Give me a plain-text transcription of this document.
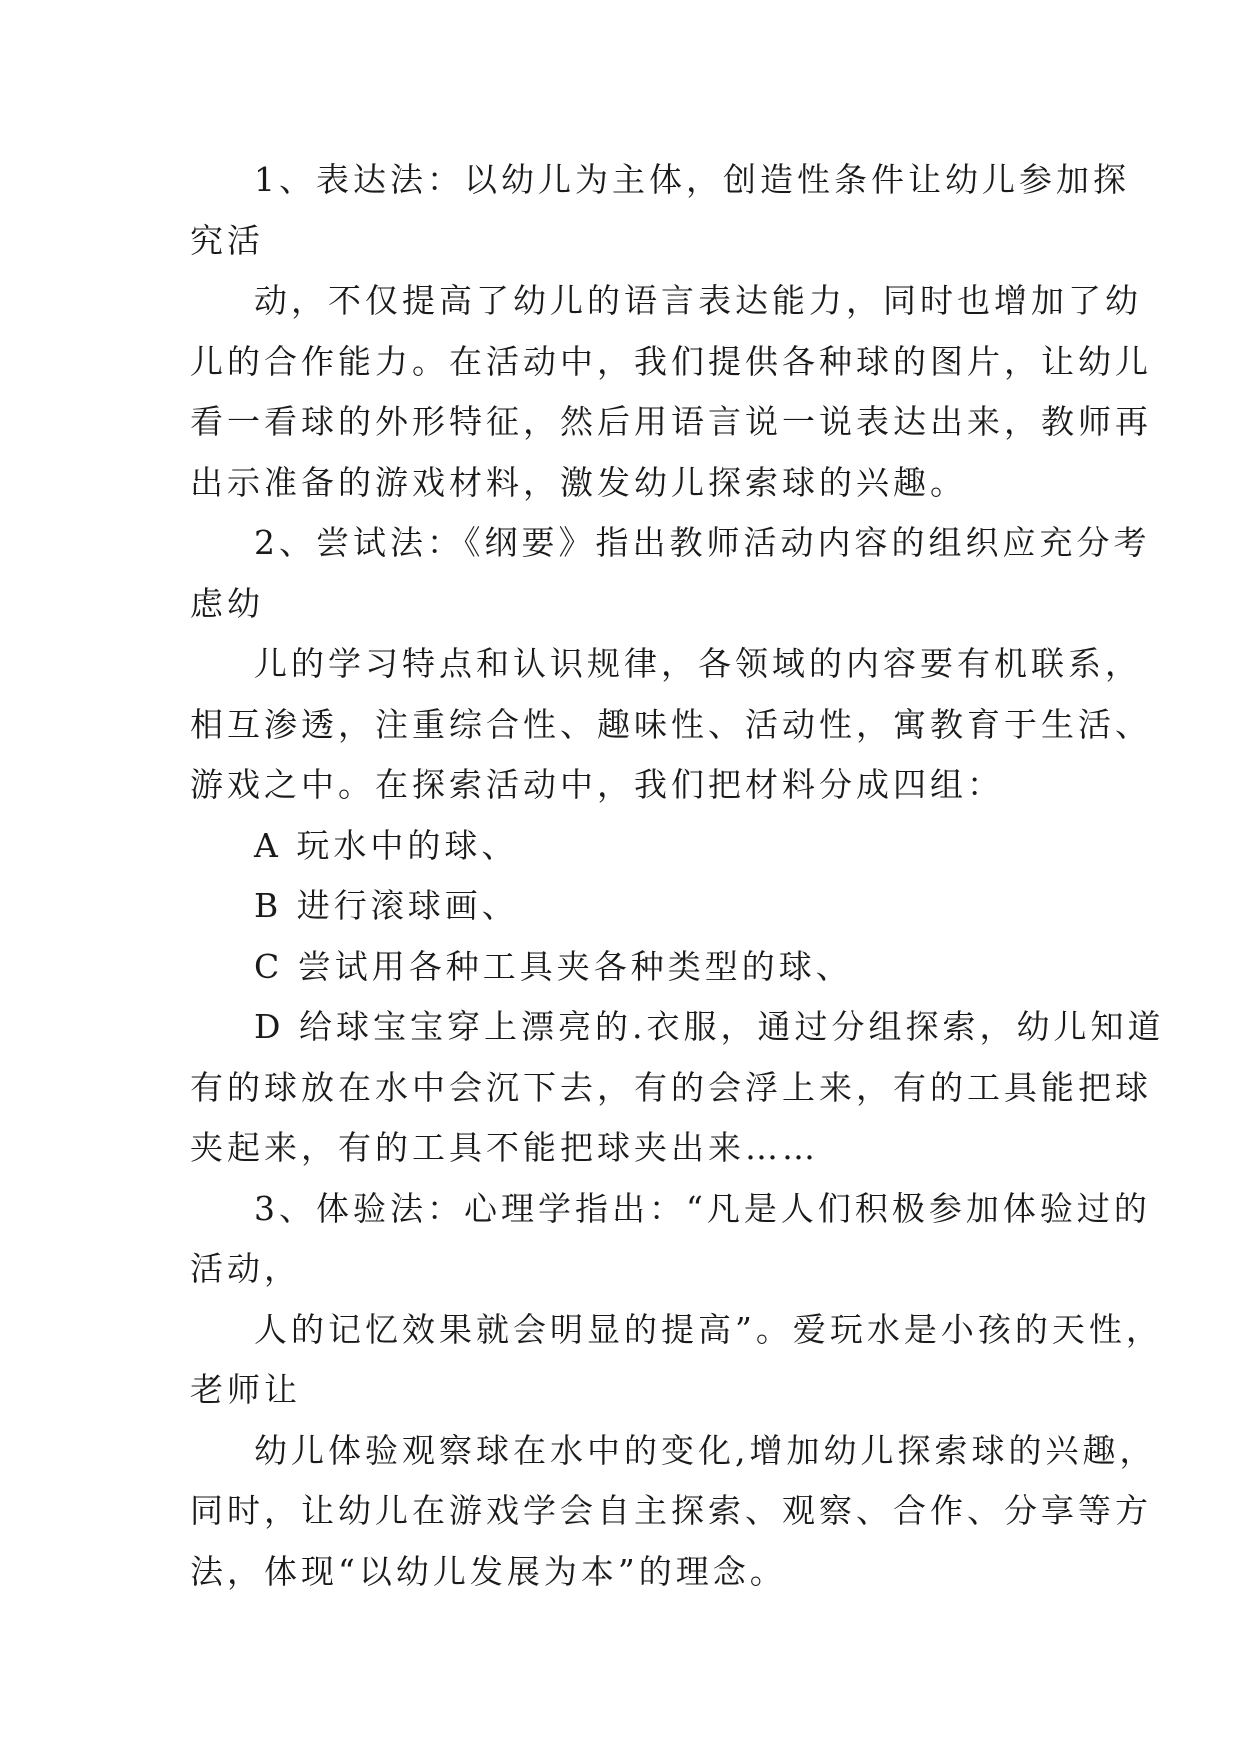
1、表达法：以幼儿为主体，创造性条件让幼儿参加探
究活
动，不仅提高了幼儿的语言表达能力，同时也增加了幼
儿的合作能力。在活动中，我们提供各种球的图片，让幼儿
看一看球的外形特征，然后用语言说一说表达出来，教师再
出示准备的游戏材料，激发幼儿探索球的兴趣。
2、尝试法：《纲要》指出教师活动内容的组织应充分考
虑幼
儿的学习特点和认识规律，各领域的内容要有机联系，
相互渗透，注重综合性、趣味性、活动性，寓教育于生活、
游戏之中。在探索活动中，我们把材料分成四组：
A 玩水中的球、
B 进行滚球画、
C 尝试用各种工具夹各种类型的球、
D 给球宝宝穿上漂亮的.衣服，通过分组探索，幼儿知道
有的球放在水中会沉下去，有的会浮上来，有的工具能把球
夹起来，有的工具不能把球夹出来……
3、体验法：心理学指出：“凡是人们积极参加体验过的
活动，
人的记忆效果就会明显的提高”。爱玩水是小孩的天性，
老师让
幼儿体验观察球在水中的变化,增加幼儿探索球的兴趣，
同时，让幼儿在游戏学会自主探索、观察、合作、分享等方
法，体现“以幼儿发展为本”的理念。
